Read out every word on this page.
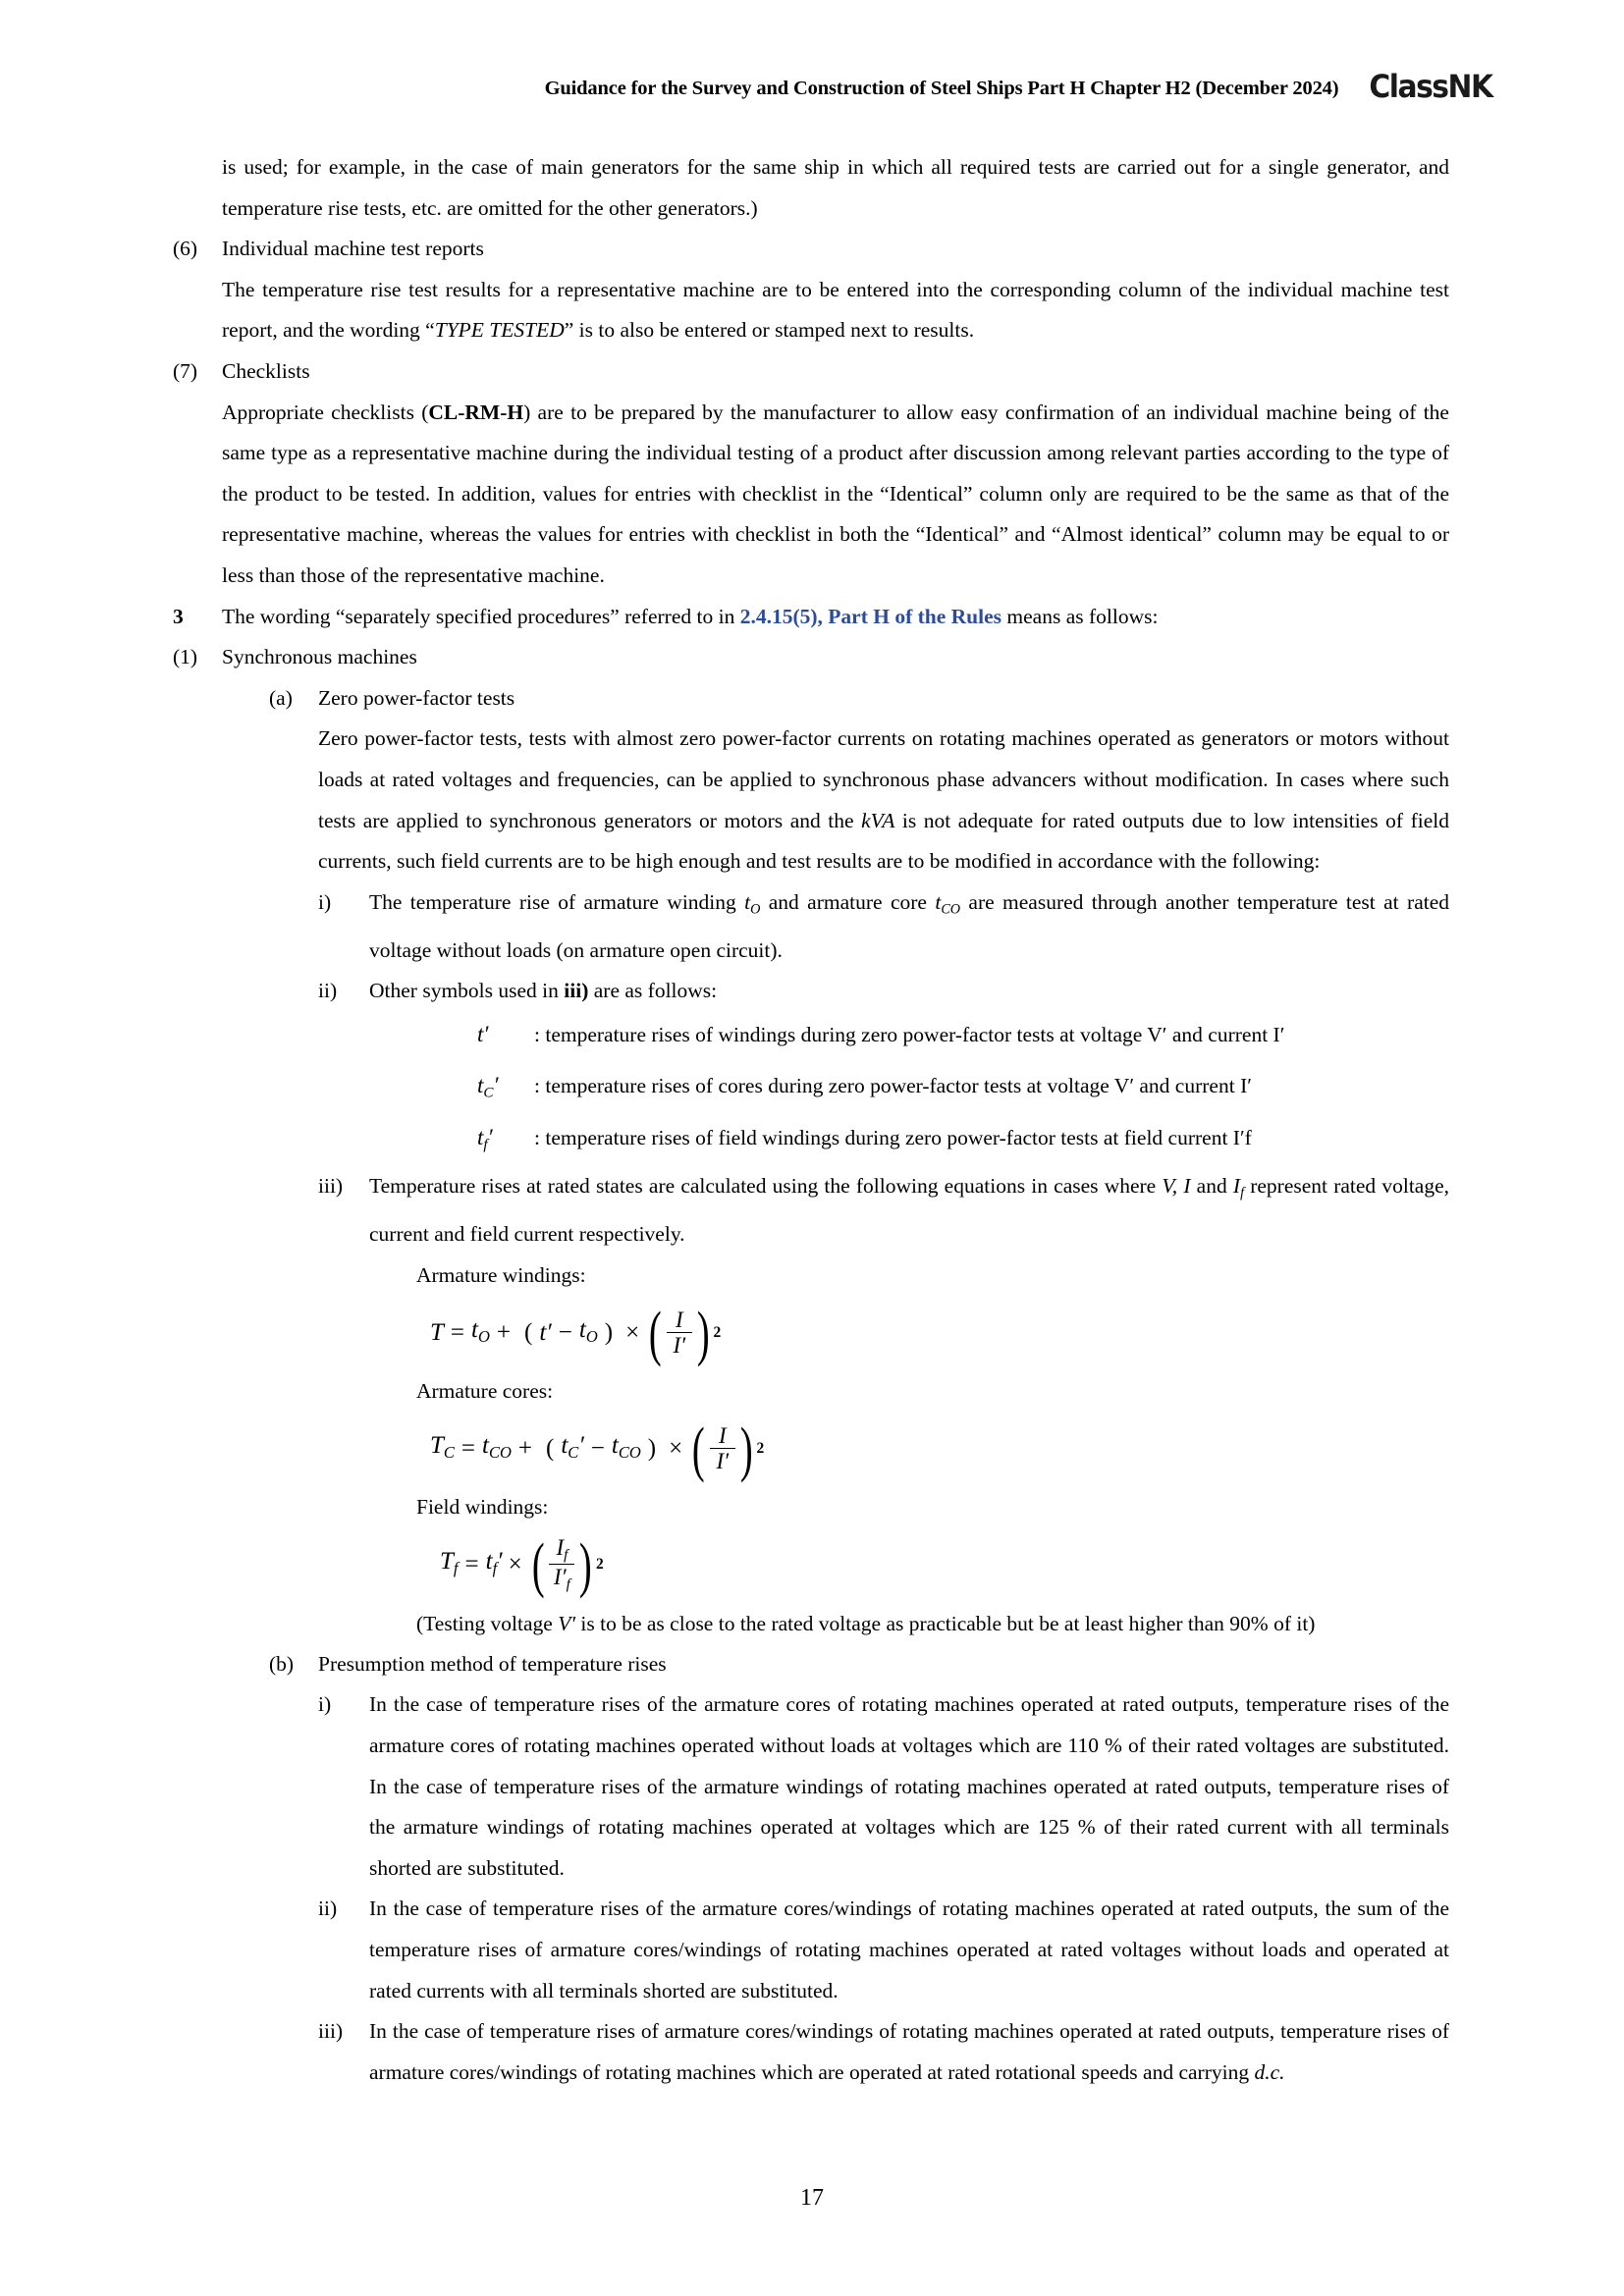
Guidance for the Survey and Construction of Steel Ships Part H Chapter H2 (December 2024) ClassNK
is used; for example, in the case of main generators for the same ship in which all required tests are carried out for a single generator, and temperature rise tests, etc. are omitted for the other generators.)
(6)	Individual machine test reports
The temperature rise test results for a representative machine are to be entered into the corresponding column of the individual machine test report, and the wording “TYPE TESTED” is to also be entered or stamped next to results.
(7)	Checklists
Appropriate checklists (CL-RM-H) are to be prepared by the manufacturer to allow easy confirmation of an individual machine being of the same type as a representative machine during the individual testing of a product after discussion among relevant parties according to the type of the product to be tested. In addition, values for entries with checklist in the “Identical” column only are required to be the same as that of the representative machine, whereas the values for entries with checklist in both the “Identical” and “Almost identical” column may be equal to or less than those of the representative machine.
3	The wording “separately specified procedures” referred to in 2.4.15(5), Part H of the Rules means as follows:
(1)	Synchronous machines
(a)	Zero power-factor tests
Zero power-factor tests, tests with almost zero power-factor currents on rotating machines operated as generators or motors without loads at rated voltages and frequencies, can be applied to synchronous phase advancers without modification. In cases where such tests are applied to synchronous generators or motors and the kVA is not adequate for rated outputs due to low intensities of field currents, such field currents are to be high enough and test results are to be modified in accordance with the following:
i)	The temperature rise of armature winding $t_O$ and armature core $t_{CO}$ are measured through another temperature test at rated voltage without loads (on armature open circuit).
ii)	Other symbols used in iii) are as follows:
t′	: temperature rises of windings during zero power-factor tests at voltage V′ and current I′
$t_C'$	: temperature rises of cores during zero power-factor tests at voltage V′ and current I′
$t_f'$	: temperature rises of field windings during zero power-factor tests at field current I′f
iii)	Temperature rises at rated states are calculated using the following equations in cases where V, I and $I_f$ represent rated voltage, current and field current respectively.
Armature windings:
$T = t_O$ + ( $t' - t_O$ ) × ( $\frac{I}{I'}$ ) 2
Armature cores:
$T_C = t_{CO}$ + ( $t_C' - t_{CO}$ ) × ( $\frac{I}{I'}$ ) 2
Field windings:
$T_f = t_f'$ × ( $\frac{I_f}{I'_f}$ ) 2
(Testing voltage V′ is to be as close to the rated voltage as practicable but be at least higher than 90% of it)
(b)	Presumption method of temperature rises
i)	In the case of temperature rises of the armature cores of rotating machines operated at rated outputs, temperature rises of the armature cores of rotating machines operated without loads at voltages which are 110 % of their rated voltages are substituted. In the case of temperature rises of the armature windings of rotating machines operated at rated outputs, temperature rises of the armature windings of rotating machines operated at voltages which are 125 % of their rated current with all terminals shorted are substituted.
ii)	In the case of temperature rises of the armature cores/windings of rotating machines operated at rated outputs, the sum of the temperature rises of armature cores/windings of rotating machines operated at rated voltages without loads and operated at rated currents with all terminals shorted are substituted.
iii)	In the case of temperature rises of armature cores/windings of rotating machines operated at rated outputs, temperature rises of armature cores/windings of rotating machines which are operated at rated rotational speeds and carrying d.c.
17
